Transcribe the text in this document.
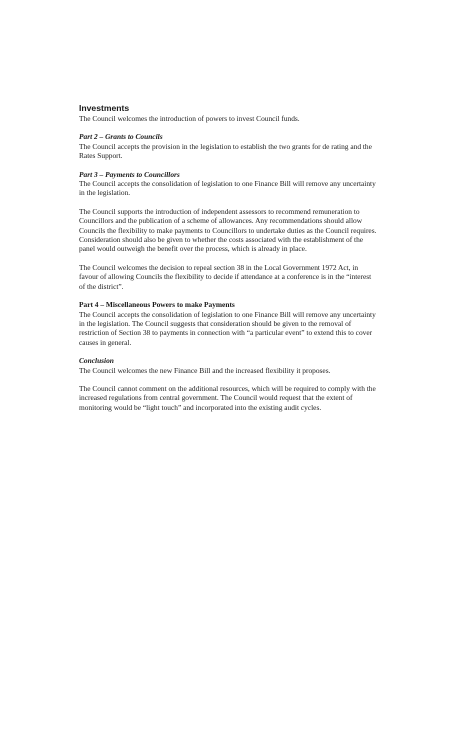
Investments

The Council welcomes the introduction of powers to invest Council funds.

Part 2 – Grants to Councils

The Council accepts the provision in the legislation to establish the two grants for de rating and the Rates Support.

Part 3 – Payments to Councillors

The Council accepts the consolidation of legislation to one Finance Bill will remove any uncertainty in the legislation.

The Council supports the introduction of independent assessors to recommend remuneration to Councillors and the publication of a scheme of allowances. Any recommendations should allow Councils the flexibility to make payments to Councillors to undertake duties as the Council requires. Consideration should also be given to whether the costs associated with the establishment of the panel would outweigh the benefit over the process, which is already in place.

The Council welcomes the decision to repeal section 38 in the Local Government 1972 Act, in favour of allowing Councils the flexibility to decide if attendance at a conference is in the “interest of the district”.

Part 4 – Miscellaneous Powers to make Payments

The Council accepts the consolidation of legislation to one Finance Bill will remove any uncertainty in the legislation. The Council suggests that consideration should be given to the removal of restriction of Section 38 to payments in connection with “a particular event” to extend this to cover causes in general.

Conclusion

The Council welcomes the new Finance Bill and the increased flexibility it proposes.

The Council cannot comment on the additional resources, which will be required to comply with the increased regulations from central government. The Council would request that the extent of monitoring would be “light touch” and incorporated into the existing audit cycles.
